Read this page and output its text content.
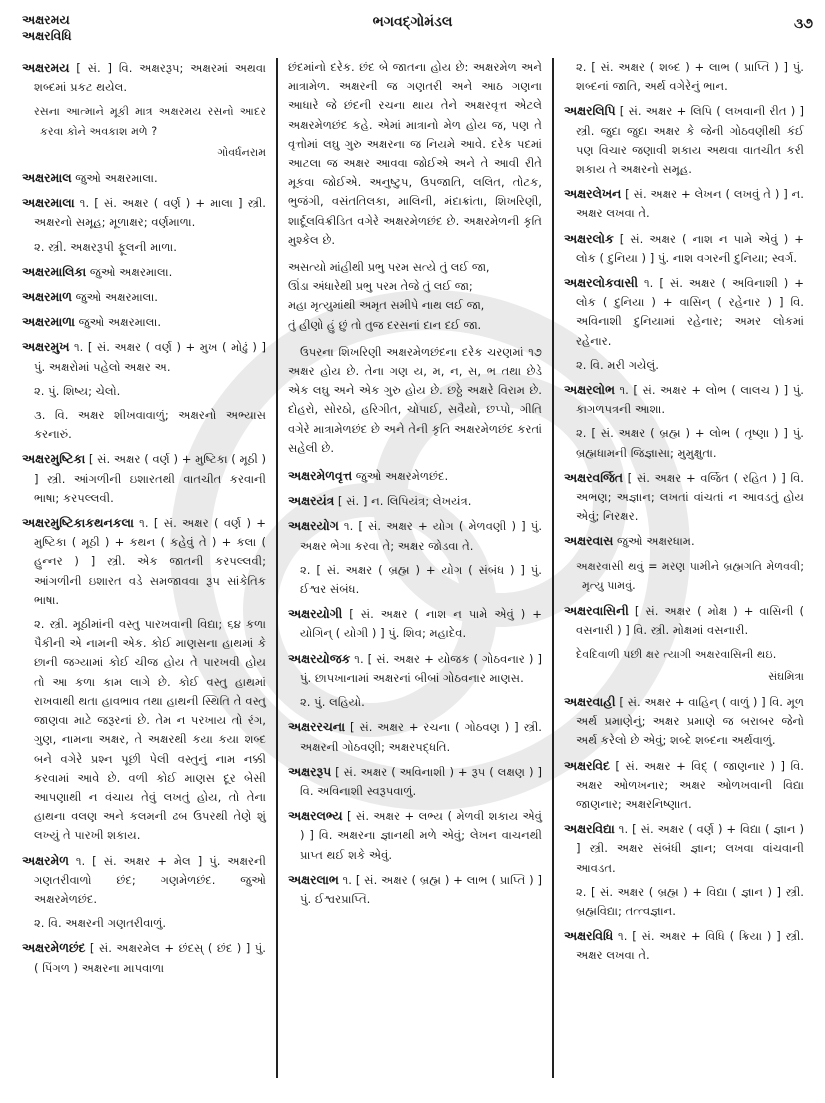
અક્ષરમય
અક્ષરવિધિ
ભગવદ્ગોમંડલ	૩૭
અક્ષરમય [ સં. ] વિ. અક્ષરરૂપ; અક્ષરમાં અથવા શબ્દમાં પ્રકટ થયેલ.
રસના આત્માને મૂકી માત્ર અક્ષરમય રસનો આદર કરવા કોને અવકાશ મળે ?
ગોવર્ધનરામ
અક્ષરમાલ જુઓ અક્ષરમાલા.
અક્ષરમાલા ૧. [ સં. અક્ષર ( વર્ણ ) + માલા ] સ્ત્રી. અક્ષરનો સમૂહ; મૂળાક્ષર; વર્ણમાળા.
૨. સ્ત્રી. અક્ષરરૂપી ફૂલની માળા.
અક્ષરમાલિકા જુઓ અક્ષરમાલા.
અક્ષરમાળ જુઓ અક્ષરમાલા.
અક્ષરમાળા જુઓ અક્ષરમાલા.
અક્ષરમુખ ૧. [ સં. અક્ષર ( વર્ણ ) + મુખ ( મોઢું ) ] પું. અક્ષરોમાં પહેલો અક્ષર અ.
૨. પું. શિષ્ય; ચેલો.
૩. વિ. અક્ષર શીખવાવાળું; અક્ષરનો અભ્યાસ કરનારું.
અક્ષરમુષ્ટિકા [ સં. અક્ષર ( વર્ણ ) + મુષ્ટિકા ( મૂઠી ) ] સ્ત્રી. આંગળીની ઇશારતથી વાતચીત કરવાની ભાષા; કરપલ્લવી.
અક્ષરમુષ્ટિકાકથનકલા ૧. [ સં. અક્ષર ( વર્ણ ) + મુષ્ટિકા ( મૂઠી ) + કથન ( કહેવું તે ) + કલા ( હુન્નર ) ] સ્ત્રી. એક જાતની કરપલ્લવી; આંગળીની ઇશારત વડે સમજાવવા રૂપ સાંકેતિક ભાષા.
૨. સ્ત્રી. મૂઠીમાંની વસ્તુ પારખવાની વિદ્યા; ૬૪ કળા પૈકીની એ નામની એક. કોઈ માણસના હાથમાં કે છાની જગ્યામાં કોઈ ચીજ હોય તે પારખવી હોય તો આ કળા કામ લાગે છે. કોઈ વસ્તુ હાથમાં રાખવાથી થતા હાવભાવ તથા હાથની સ્થિતિ તે વસ્તુ જાણવા માટે જરૂરનાં છે. તેમ ન પરખાય તો રંગ, ગુણ, નામના અક્ષર, તે અક્ષરથી કયા કયા શબ્દ બને વગેરે પ્રશ્ન પૂછી પેલી વસ્તુનું નામ નક્કી કરવામાં આવે છે. વળી કોઈ માણસ દૂર બેસી આપણાથી ન વંચાય તેવું લખતું હોય, તો તેના હાથના વલણ અને કલમની ઢબ ઉપરથી તેણે શું લખ્યું તે પારખી શકાય.
અક્ષરમેળ ૧. [ સં. અક્ષર + મેલ ] પું. અક્ષરની ગણતરીવાળો છંદ; ગણમેળછંદ. જુઓ અક્ષરમેળછંદ.
૨. વિ. અક્ષરની ગણતરીવાળું.
અક્ષરમેળછંદ [ સં. અક્ષરમેલ + છંદસ્ ( છંદ ) ] પું. ( પિંગળ ) અક્ષરના માપવાળા

છંદમાંનો દરેક. છંદ બે જાતના હોય છે: અક્ષરમેળ અને માત્રામેળ. અક્ષરની જ ગણતરી અને આઠ ગણના આધારે જે છંદની રચના થાય તેને અક્ષરવૃત્ત એટલે અક્ષરમેળછંદ કહે. એમાં માત્રાનો મેળ હોય જ, પણ તે વૃત્તોમાં લઘુ ગુરુ અક્ષરના જ નિયમે આવે. દરેક પદમાં આટલા જ અક્ષર આવવા જોઈએ અને તે આવી રીતે મૂકવા જોઈએ. અનુષ્ટુપ, ઉપજાતિ, લલિત, તોટક, ભુજંગી, વસંતતિલકા, માલિની, મંદાક્રાંતા, શિખરિણી, શાર્દૂલવિક્રીડિત વગેરે અક્ષરમેળછંદ છે. અક્ષરમેળની કૃતિ મુશ્કેલ છે.

અસત્યો માંહીથી પ્રભુ પરમ સત્યે તું લઈ જા,
ઊંડા અંધારેથી પ્રભુ પરમ તેજે તું લઈ જા;
મહા મૃત્યુમાંથી અમૃત સમીપે નાથ લઈ જા,
તું હીણો હું છું તો તુજ દરસનાં દાન દઈ જા.

ઉપરના શિખરિણી અક્ષરમેળછંદના દરેક ચરણમાં ૧૭ અક્ષર હોય છે. તેના ગણ ય, મ, ન, સ, ભ તથા છેડે એક લઘુ અને એક ગુરુ હોય છે. છઠ્ઠે અક્ષરે વિરામ છે. દોહરો, સોરઠો, હરિગીત, ચોપાઈ, સવૈયો, છપ્પો, ગીતિ વગેરે માત્રામેળછંદ છે અને તેની કૃતિ અક્ષરમેળછંદ કરતાં સહેલી છે.

અક્ષરમેળવૃત્ત જુઓ અક્ષરમેળછંદ.
અક્ષરયંત્ર [ સં. ] ન. લિપિયંત્ર; લેખયંત્ર.
અક્ષરયોગ ૧. [ સં. અક્ષર + યોગ ( મેળવણી ) ] પું. અક્ષર ભેગા કરવા તે; અક્ષર જોડવા તે.
૨. [ સં. અક્ષર ( બ્રહ્મ ) + યોગ ( સંબંધ ) ] પું. ઈશ્વર સંબંધ.
અક્ષરયોગી [ સં. અક્ષર ( નાશ ન પામે એવું ) + યોગિન્ ( યોગી ) ] પું. શિવ; મહાદેવ.
અક્ષરયોજક ૧. [ સં. અક્ષર + યોજક ( ગોઠવનાર ) ] પું. છાપખાનામાં અક્ષરનાં બીબાં ગોઠવનાર માણસ.
૨. પું. લહિયો.
અક્ષરરચના [ સં. અક્ષર + રચના ( ગોઠવણ ) ] સ્ત્રી. અક્ષરની ગોઠવણી; અક્ષરપદ્ધતિ.
અક્ષરરૂપ [ સં. અક્ષર ( અવિનાશી ) + રૂપ ( લક્ષણ ) ] વિ. અવિનાશી સ્વરૂપવાળું.
અક્ષરલભ્ય [ સં. અક્ષર + લભ્ય ( મેળવી શકાય એવું ) ] વિ. અક્ષરના જ્ઞાનથી મળે એવું; લેખન વાચનથી પ્રાપ્ત થઈ શકે એવું.
અક્ષરલાભ ૧. [ સં. અક્ષર ( બ્રહ્મ ) + લાભ ( પ્રાપ્તિ ) ] પું. ઈશ્વરપ્રાપ્તિ.
૨. [ સં. અક્ષર ( શબ્દ ) + લાભ ( પ્રાપ્તિ ) ] પું. શબ્દનાં જાતિ, અર્થ વગેરેનું ભાન.
અક્ષરલિપિ [ સં. અક્ષર + લિપિ ( લખવાની રીત ) ] સ્ત્રી. જુદા જુદા અક્ષર કે જેની ગોઠવણીથી કંઈ પણ વિચાર જણાવી શકાય અથવા વાતચીત કરી શકાય તે અક્ષરનો સમૂહ.
અક્ષરલેખન [ સં. અક્ષર + લેખન ( લખવું તે ) ] ન. અક્ષર લખવા તે.
અક્ષરલોક [ સં. અક્ષર ( નાશ ન પામે એવું ) + લોક ( દુનિયા ) ] પું. નાશ વગરની દુનિયા; સ્વર્ગ.
અક્ષરલોકવાસી ૧. [ સં. અક્ષર ( અવિનાશી ) + લોક ( દુનિયા ) + વાસિન્ ( રહેનાર ) ] વિ. અવિનાશી દુનિયામાં રહેનાર; અમર લોકમાં રહેનાર.
૨. વિ. મરી ગયેલું.
અક્ષરલોભ ૧. [ સં. અક્ષર + લોભ ( લાલચ ) ] પું. કાગળપત્રની આશા.
૨. [ સં. અક્ષર ( બ્રહ્મ ) + લોભ ( તૃષ્ણા ) ] પું. બ્રહ્મધામની જિજ્ઞાસા; મુમુક્ષુતા.
અક્ષરવર્જિત [ સં. અક્ષર + વર્જિત ( રહિત ) ] વિ. અભણ; અજ્ઞાન; લખતાં વાંચતાં ન આવડતું હોય એવું; નિરક્ષર.
અક્ષરવાસ જુઓ અક્ષરધામ.
અક્ષરવાસી થવું = મરણ પામીને બ્રહ્મગતિ મેળવવી; મૃત્યુ પામવું.
અક્ષરવાસિની [ સં. અક્ષર ( મોક્ષ ) + વાસિની ( વસનારી ) ] વિ. સ્ત્રી. મોક્ષમાં વસનારી.
દેવદિવાળી પછી ક્ષર ત્યાગી અક્ષરવાસિની થઇ.
સંઘમિત્રા
અક્ષરવાહી [ સં. અક્ષર + વાહિન્ ( વાળું ) ] વિ. મૂળ અર્થ પ્રમાણેનું; અક્ષર પ્રમાણે જ બરાબર જેનો અર્થ કરેલો છે એવું; શબ્દે શબ્દના અર્થવાળું.
અક્ષરવિદ [ સં. અક્ષર + વિદ્ ( જાણનાર ) ] વિ. અક્ષર ઓળખનાર; અક્ષર ઓળખવાની વિદ્યા જાણનાર; અક્ષરનિષ્ણાત.
અક્ષરવિદ્યા ૧. [ સં. અક્ષર ( વર્ણ ) + વિદ્યા ( જ્ઞાન ) ] સ્ત્રી. અક્ષર સંબંધી જ્ઞાન; લખવા વાંચવાની આવડત.
૨. [ સં. અક્ષર ( બ્રહ્મ ) + વિદ્યા ( જ્ઞાન ) ] સ્ત્રી. બ્રહ્મવિદ્યા; તત્ત્વજ્ઞાન.
અક્ષરવિધિ ૧. [ સં. અક્ષર + વિધિ ( ક્રિયા ) ] સ્ત્રી. અક્ષર લખવા તે.
